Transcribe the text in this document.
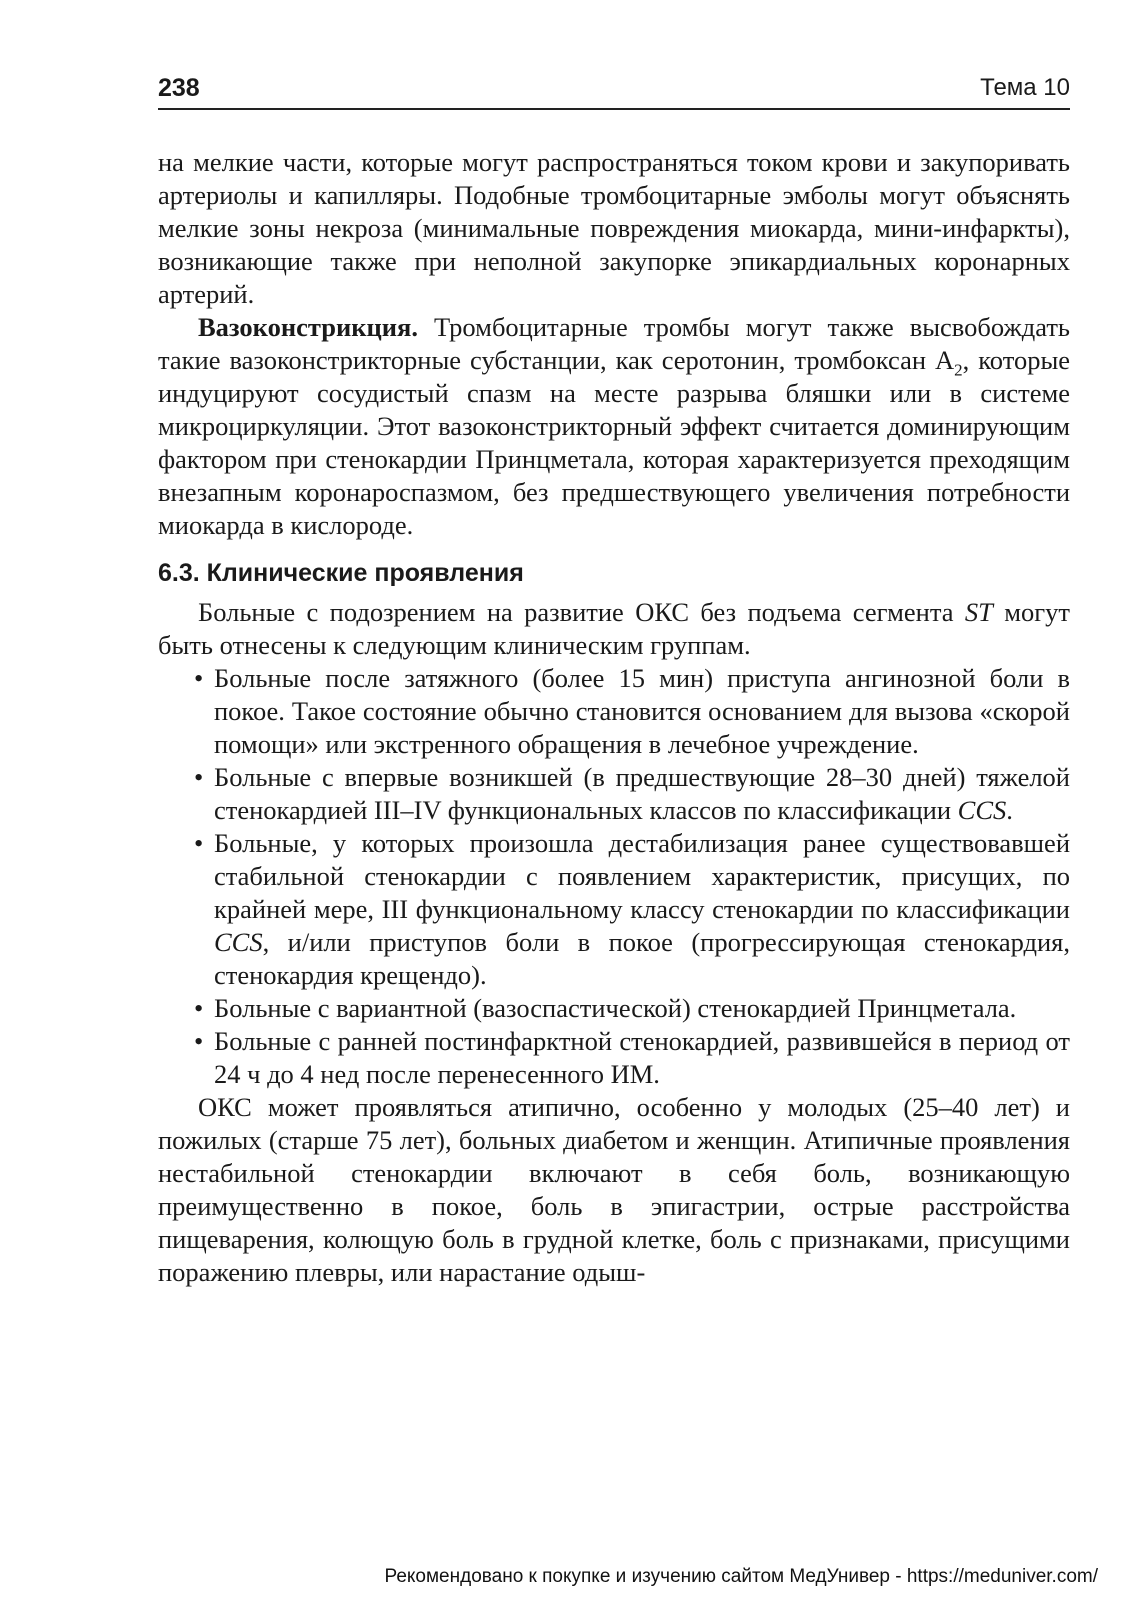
238	Тема 10

на мелкие части, которые могут распространяться током крови и закупоривать артериолы и капилляры. Подобные тромбоцитарные эмболы могут объяснять мелкие зоны некроза (минимальные повреждения миокарда, мини-инфаркты), возникающие также при неполной закупорке эпикардиальных коронарных артерий.

Вазоконстрикция. Тромбоцитарные тромбы могут также высвобождать такие вазоконстрикторные субстанции, как серотонин, тромбоксан $А_2$, которые индуцируют сосудистый спазм на месте разрыва бляшки или в системе микроциркуляции. Этот вазоконстрикторный эффект считается доминирующим фактором при стенокардии Принцметала, которая характеризуется преходящим внезапным коронароспазмом, без предшествующего увеличения потребности миокарда в кислороде.

6.3. Клинические проявления

Больные с подозрением на развитие ОКС без подъема сегмента ST могут быть отнесены к следующим клиническим группам.

• Больные после затяжного (более 15 мин) приступа ангинозной боли в покое. Такое состояние обычно становится основанием для вызова «скорой помощи» или экстренного обращения в лечебное учреждение.
• Больные с впервые возникшей (в предшествующие 28–30 дней) тяжелой стенокардией III–IV функциональных классов по классификации CCS.
• Больные, у которых произошла дестабилизация ранее существовавшей стабильной стенокардии с появлением характеристик, присущих, по крайней мере, III функциональному классу стенокардии по классификации CCS, и/или приступов боли в покое (прогрессирующая стенокардия, стенокардия крещендо).
• Больные с вариантной (вазоспастической) стенокардией Принцметала.
• Больные с ранней постинфарктной стенокардией, развившейся в период от 24 ч до 4 нед после перенесенного ИМ.

ОКС может проявляться атипично, особенно у молодых (25–40 лет) и пожилых (старше 75 лет), больных диабетом и женщин. Атипичные проявления нестабильной стенокардии включают в себя боль, возникающую преимущественно в покое, боль в эпигастрии, острые расстройства пищеварения, колющую боль в грудной клетке, боль с признаками, присущими поражению плевры, или нарастание одыш-

Рекомендовано к покупке и изучению сайтом МедУнивер - https://meduniver.com/
